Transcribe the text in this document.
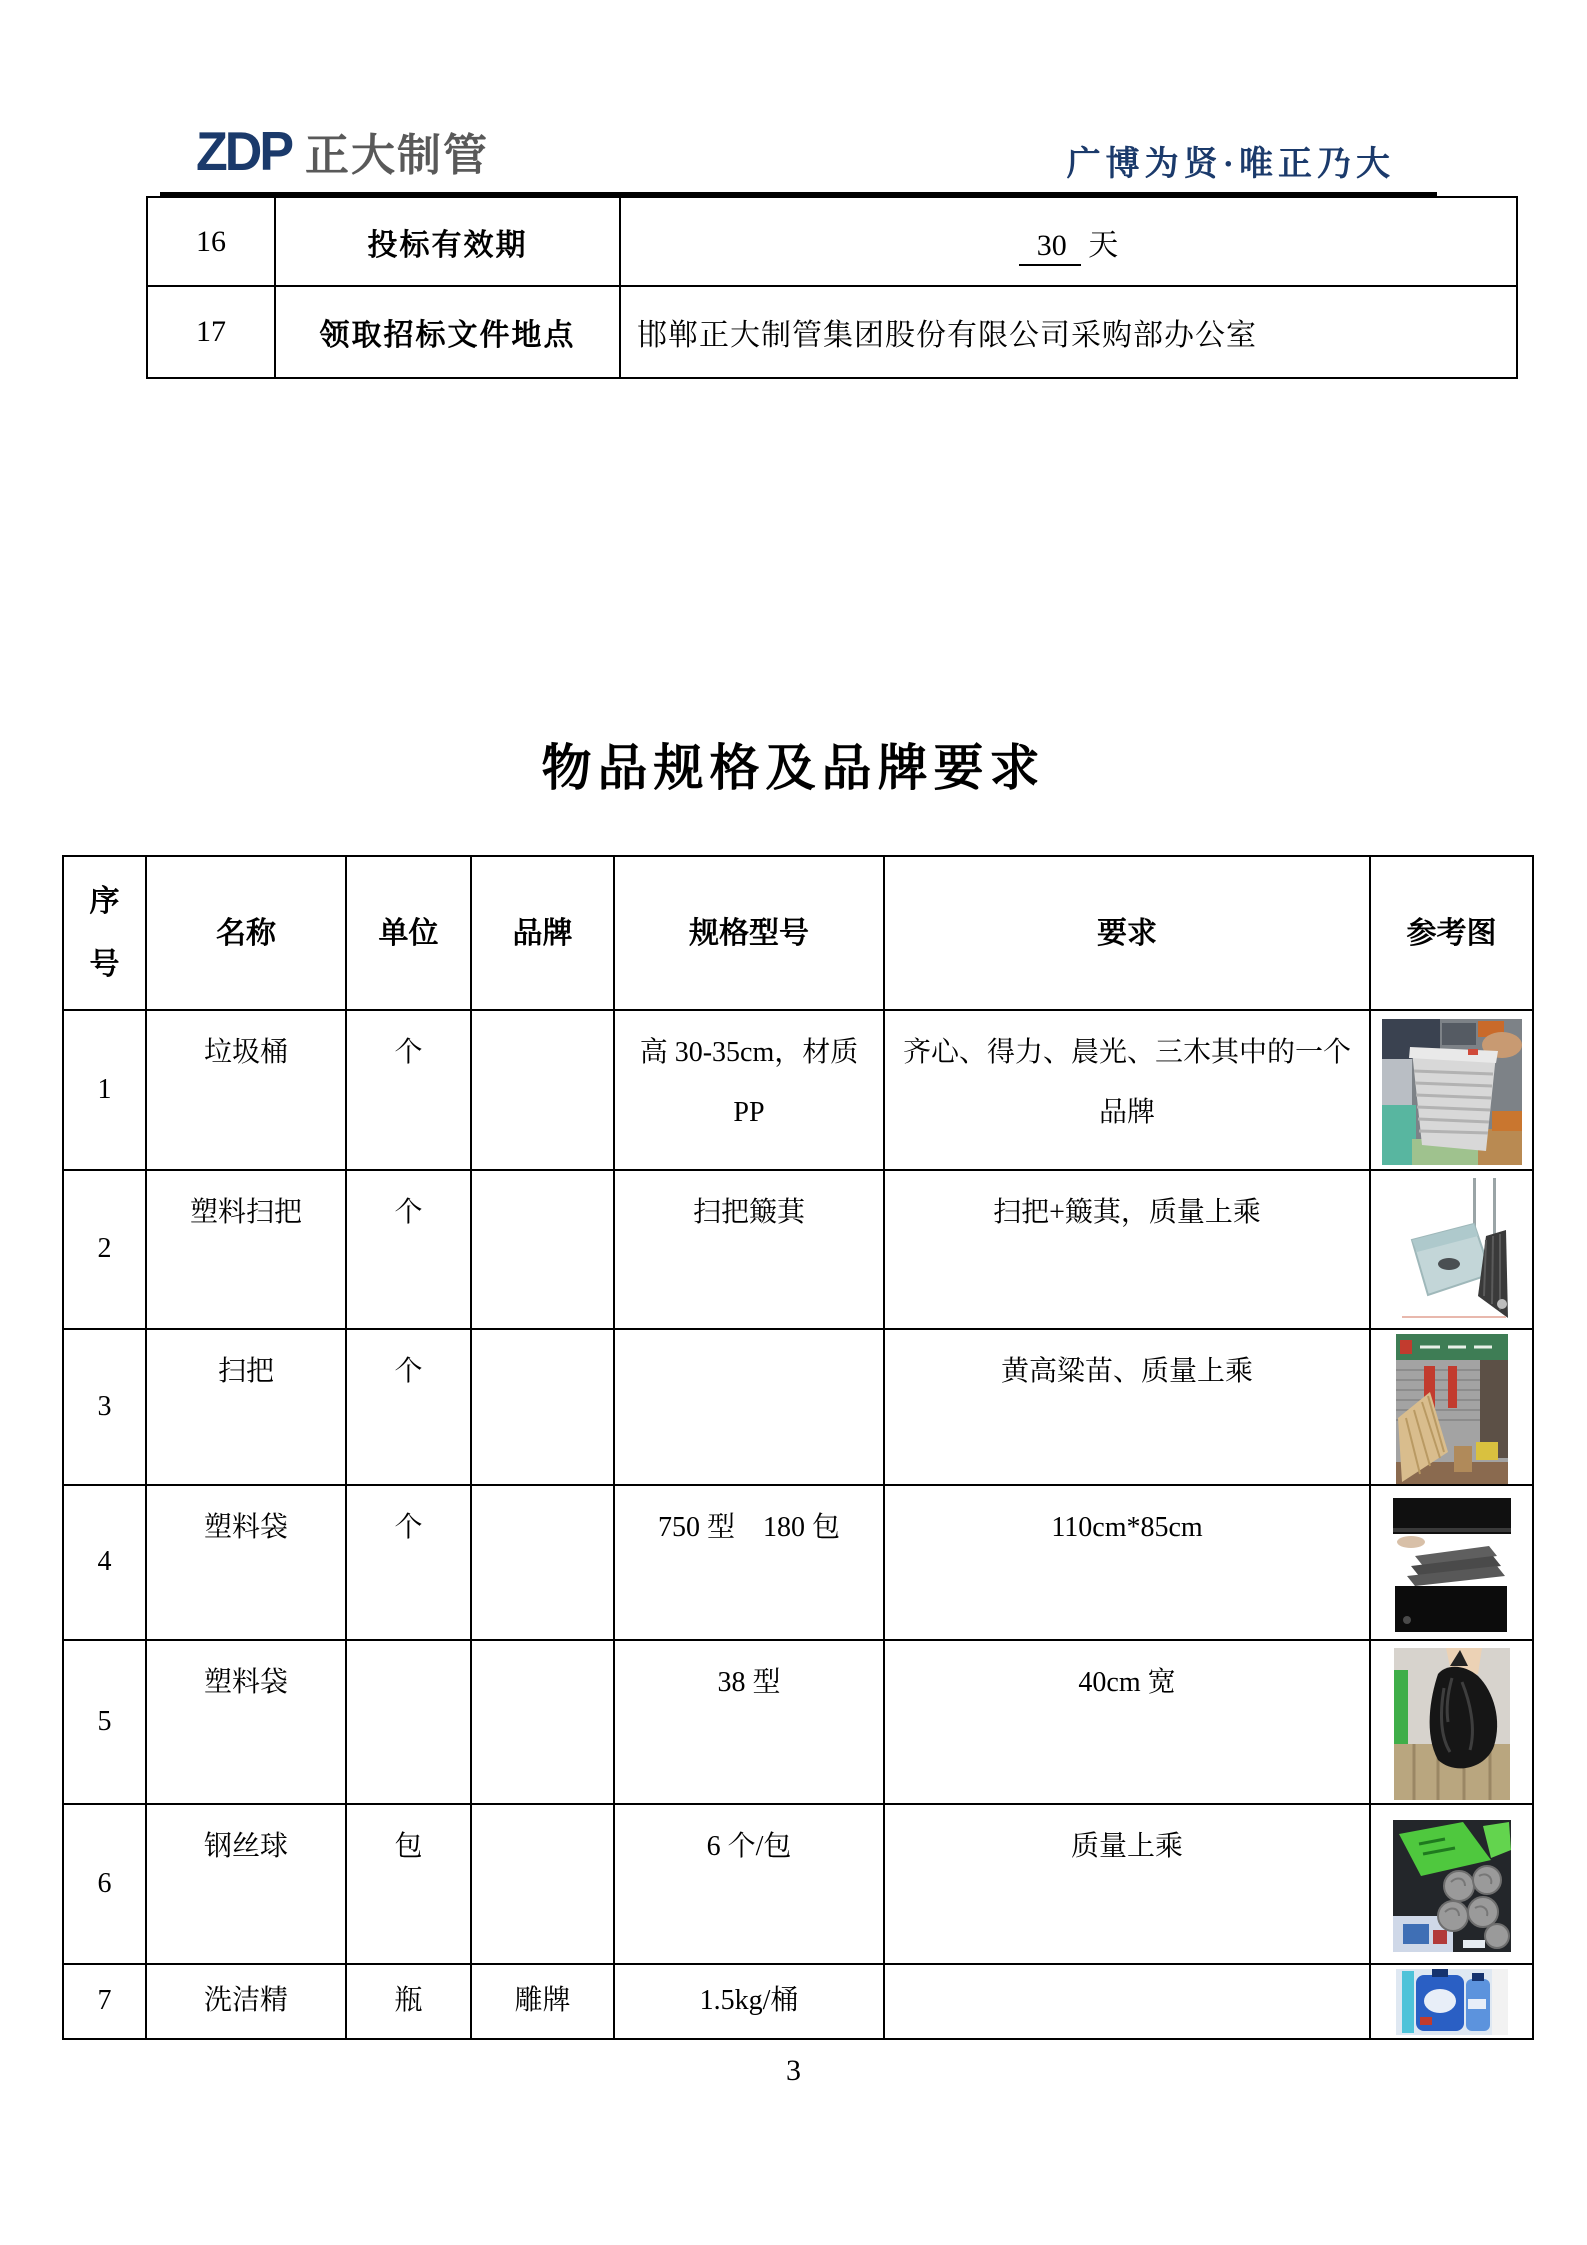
ZDP 正大制管	广博为贤·唯正乃大
16	投标有效期	30 天
17	领取招标文件地点	邯郸正大制管集团股份有限公司采购部办公室
物品规格及品牌要求
序号	名称	单位	品牌	规格型号	要求	参考图
1	垃圾桶	个		高 30-35cm，材质 PP	齐心、得力、晨光、三木其中的一个品牌	
2	塑料扫把	个		扫把簸萁	扫把+簸萁，质量上乘	
3	扫把	个			黄高粱苗、质量上乘	
4	塑料袋	个		750 型　180 包	110cm*85cm	
5	塑料袋			38 型	40cm 宽	
6	钢丝球	包		6 个/包	质量上乘	
7	洗洁精	瓶	雕牌	1.5kg/桶		
3
